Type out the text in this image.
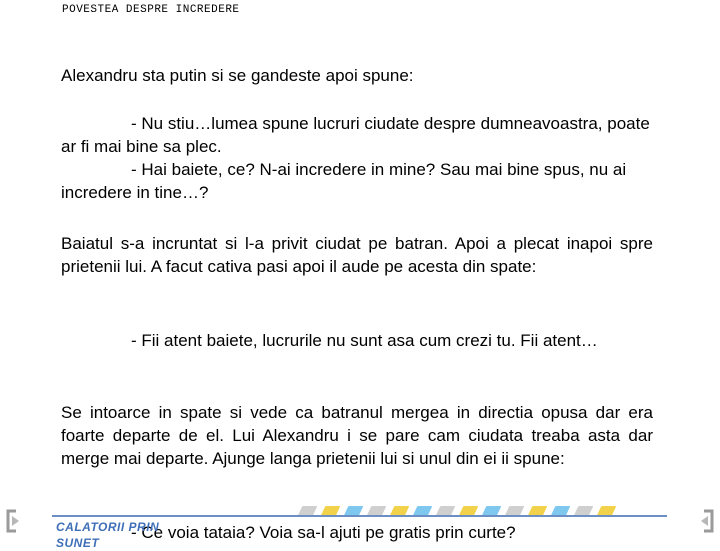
POVESTEA DESPRE INCREDERE
Alexandru sta putin si se gandeste apoi spune:
- Nu stiu…lumea spune lucruri ciudate despre dumneavoastra, poate ar fi mai bine sa plec.
- Hai baiete, ce? N-ai incredere in mine? Sau mai bine spus, nu ai incredere in tine…?
Baiatul s-a incruntat si l-a privit ciudat pe batran. Apoi a plecat inapoi spre prietenii lui. A facut cativa pasi apoi il aude pe acesta din spate:
- Fii atent baiete, lucrurile nu sunt asa cum crezi tu. Fii atent…
Se intoarce in spate si vede ca batranul mergea in directia opusa dar era foarte departe de el. Lui Alexandru i se pare cam ciudata treaba asta dar merge mai departe. Ajunge langa prietenii lui si unul din ei ii spune:
- Ce voia tataia? Voia sa-l ajuti pe gratis prin curte?
CALATORII PRIN SUNET
